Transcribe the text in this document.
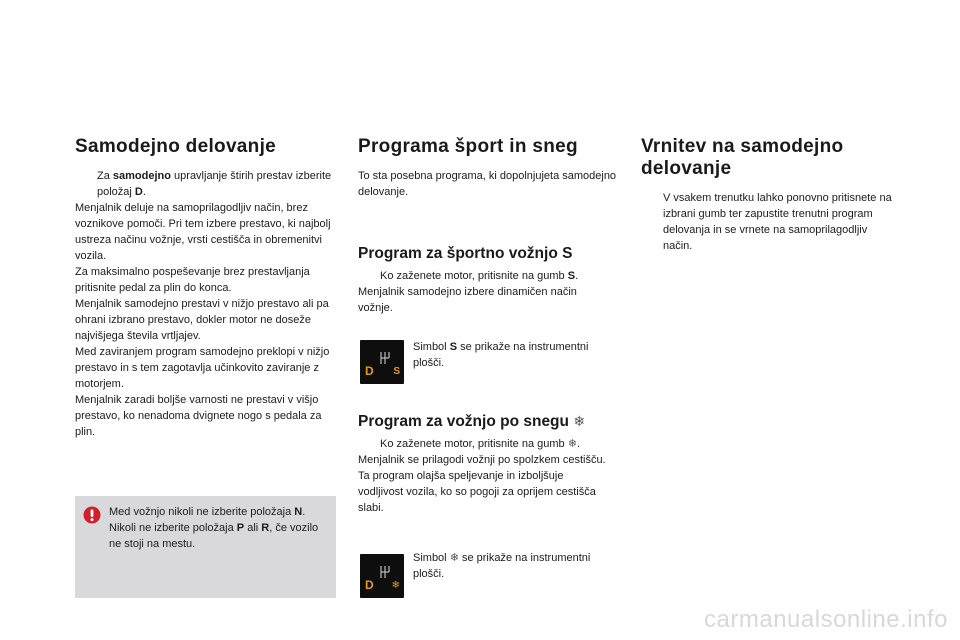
Samodejno delovanje
Za samodejno upravljanje štirih prestav izberite položaj D.

Menjalnik deluje na samoprilagodljiv način, brez voznikove pomoči. Pri tem izbere prestavo, ki najbolj ustreza načinu vožnje, vrsti cestišča in obremenitvi vozila.

Za maksimalno pospeševanje brez prestavljanja pritisnite pedal za plin do konca.

Menjalnik samodejno prestavi v nižjo prestavo ali pa ohrani izbrano prestavo, dokler motor ne doseže najvišjega števila vrtljajev.

Med zaviranjem program samodejno preklopi v nižjo prestavo in s tem zagotavlja učinkovito zaviranje z motorjem.

Menjalnik zaradi boljše varnosti ne prestavi v višjo prestavo, ko nenadoma dvignete nogo s pedala za plin.

Med vožnjo nikoli ne izberite položaja N. Nikoli ne izberite položaja P ali R, če vozilo ne stoji na mestu.
Programa šport in sneg

To sta posebna programa, ki dopolnjujeta samodejno delovanje.

Program za športno vožnjo S
Ko zaženete motor, pritisnite na gumb S.

Menjalnik samodejno izbere dinamičen način vožnje.

D S
Simbol S se prikaže na instrumentni plošči.
Program za vožnjo po snegu ❄
Ko zaženete motor, pritisnite na gumb ❄.

Menjalnik se prilagodi vožnji po spolzkem cestišču.

Ta program olajša speljevanje in izboljšuje vodljivost vozila, ko so pogoji za oprijem cestišča slabi.

D ❄
Simbol ❄ se prikaže na instrumentni plošči.
Vrnitev na samodejno delovanje
V vsakem trenutku lahko ponovno pritisnete na izbrani gumb ter zapustite trenutni program delovanja in se vrnete na samoprilagodljiv način.
carmanualsonline.info
